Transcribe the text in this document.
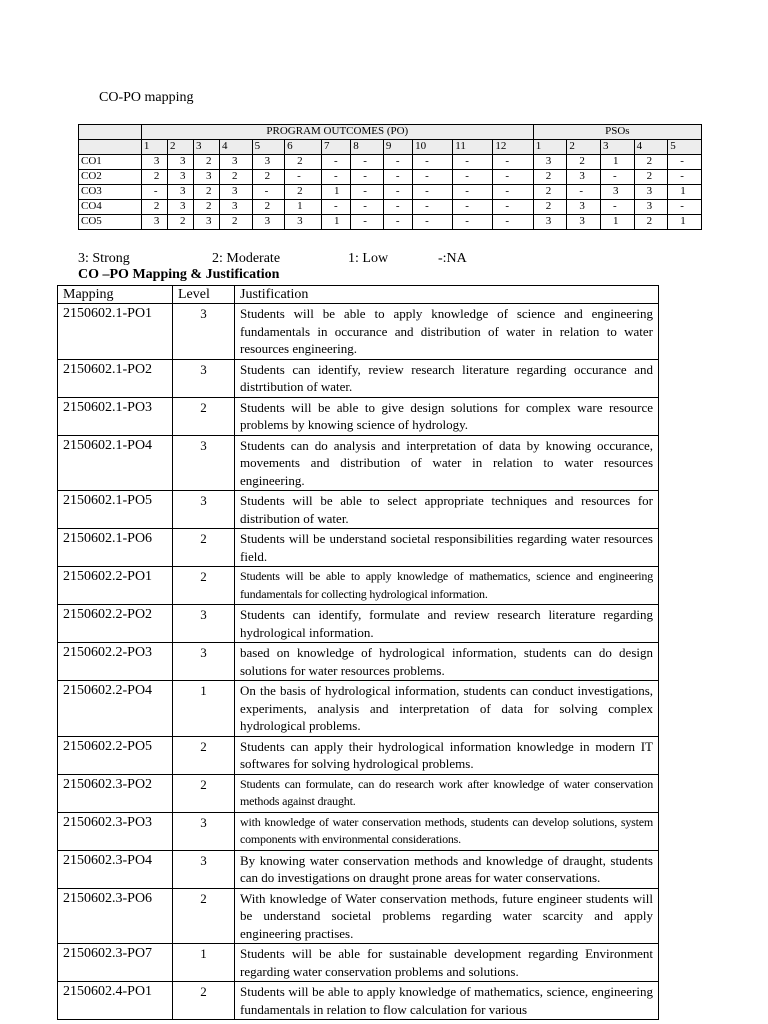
CO-PO mapping
	PROGRAM OUTCOMES (PO)												PSOs				
	1	2	3	4	5	6	7	8	9	10	11	12	1	2	3	4	5
CO1	3	3	2	3	3	2	-	-	-	-	-	-	3	2	1	2	-
CO2	2	3	3	2	2	-	-	-	-	-	-	-	2	3	-	2	-
CO3	-	3	2	3	-	2	1	-	-	-	-	-	2	-	3	3	1
CO4	2	3	2	3	2	1	-	-	-	-	-	-	2	3	-	3	-
CO5	3	2	3	2	3	3	1	-	-	-	-	-	3	3	1	2	1
3: Strong	2: Moderate	1: Low	-:NA
CO –PO Mapping & Justification
Mapping	Level	Justification
2150602.1-PO1	3	Students will be able to apply knowledge of science and engineering fundamentals in occurance and distribution of water in relation to water resources engineering.
2150602.1-PO2	3	Students can identify, review research literature regarding occurance and distrtibution of water.
2150602.1-PO3	2	Students will be able to give design solutions for complex ware resource problems by knowing science of hydrology.
2150602.1-PO4	3	Students can do analysis and interpretation of data by knowing occurance, movements and distribution of water in relation to water resources engineering.
2150602.1-PO5	3	Students will be able to select appropriate techniques and resources for distribution of water.
2150602.1-PO6	2	Students will be understand societal responsibilities regarding water resources field.
2150602.2-PO1	2	Students will be able to apply knowledge of mathematics, science and engineering fundamentals for collecting hydrological information.
2150602.2-PO2	3	Students can identify, formulate and review research literature regarding hydrological information.
2150602.2-PO3	3	based on knowledge of hydrological information, students can do design solutions for water resources problems.
2150602.2-PO4	1	On the basis of hydrological information, students can conduct investigations, experiments, analysis and interpretation of data for solving complex hydrological problems.
2150602.2-PO5	2	Students can apply their hydrological information knowledge in modern IT softwares for solving hydrological problems.
2150602.3-PO2	2	Students can formulate, can do research work after knowledge of water conservation methods against draught.
2150602.3-PO3	3	with knowledge of water conservation methods, students can develop solutions, system components with environmental considerations.
2150602.3-PO4	3	By knowing water conservation methods and knowledge of draught, students can do investigations on draught prone areas for water conservations.
2150602.3-PO6	2	With knowledge of Water conservation methods, future engineer students will be understand societal problems regarding water scarcity and apply engineering practises.
2150602.3-PO7	1	Students will be able for sustainable development regarding Environment regarding water conservation problems and solutions.
2150602.4-PO1	2	Students will be able to apply knowledge of mathematics, science, engineering fundamentals in relation to flow calculation for various
